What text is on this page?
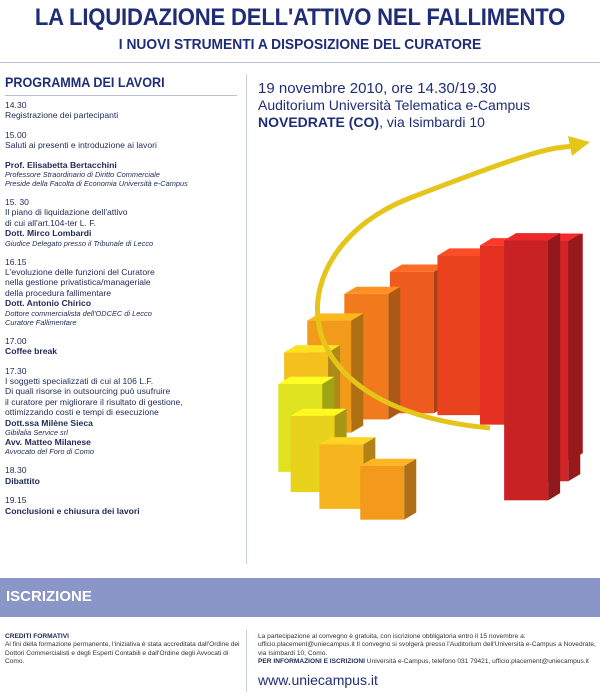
LA LIQUIDAZIONE DELL'ATTIVO NEL FALLIMENTO
I NUOVI STRUMENTI A DISPOSIZIONE DEL CURATORE
PROGRAMMA DEI LAVORI
14.30
Registrazione dei partecipanti
15.00
Saluti ai presenti e introduzione ai lavori
Prof. Elisabetta Bertacchini
Professore Straordinario di Diritto Commerciale
Preside della Facolta di Economia Università e-Campus
15. 30
Il piano di liquidazione dell'attivo
di cui all'art.104-ter L. F.
Dott. Mirco Lombardi
Giudice Delegato presso il Tribunale di Lecco
16.15
L'evoluzione delle funzioni del Curatore
nella gestione privatistica/manageriale
della procedura fallimentare
Dott. Antonio Chirico
Dottore commercialista dell'ODCEC di Lecco
Curatore Fallimentare
17.00
Coffee break
17.30
I soggetti specializzati di cui al 106 L.F.
Di quali risorse in outsourcing può usufruire
il curatore per migliorare il risultato di gestione,
ottimizzando costi e tempi di esecuzione
Dott.ssa Milène Sieca
Gibilalia Service srl
Avv. Matteo Milanese
Avvocato del Foro di Como
18.30
Dibattito
19.15
Conclusioni e chiusura dei lavori
19 novembre 2010, ore 14.30/19.30
Auditorium Università Telematica e-Campus
NOVEDRATE (CO), via Isimbardi 10
ISCRIZIONE
CREDITI FORMATIVI
Ai fini della formazione permanente, l'iniziativa è stata accreditata dall'Ordine dei Dottori Commercialisti e degli Esperti Contabili e dall'Ordine degli Avvocati di Como.
La partecipazione al convegno è gratuita, con iscrizione obbligatoria entro il 15 novembre a: ufficio.placement@uniecampus.it Il convegno si svolgerà presso l'Auditorium dell'Università e-Campus a Novedrate, via Isimbardi 10, Como.
PER INFORMAZIONI E ISCRIZIONI Università e-Campus, telefono 031 79421, ufficio.placement@uniecampus.it
www.uniecampus.it
